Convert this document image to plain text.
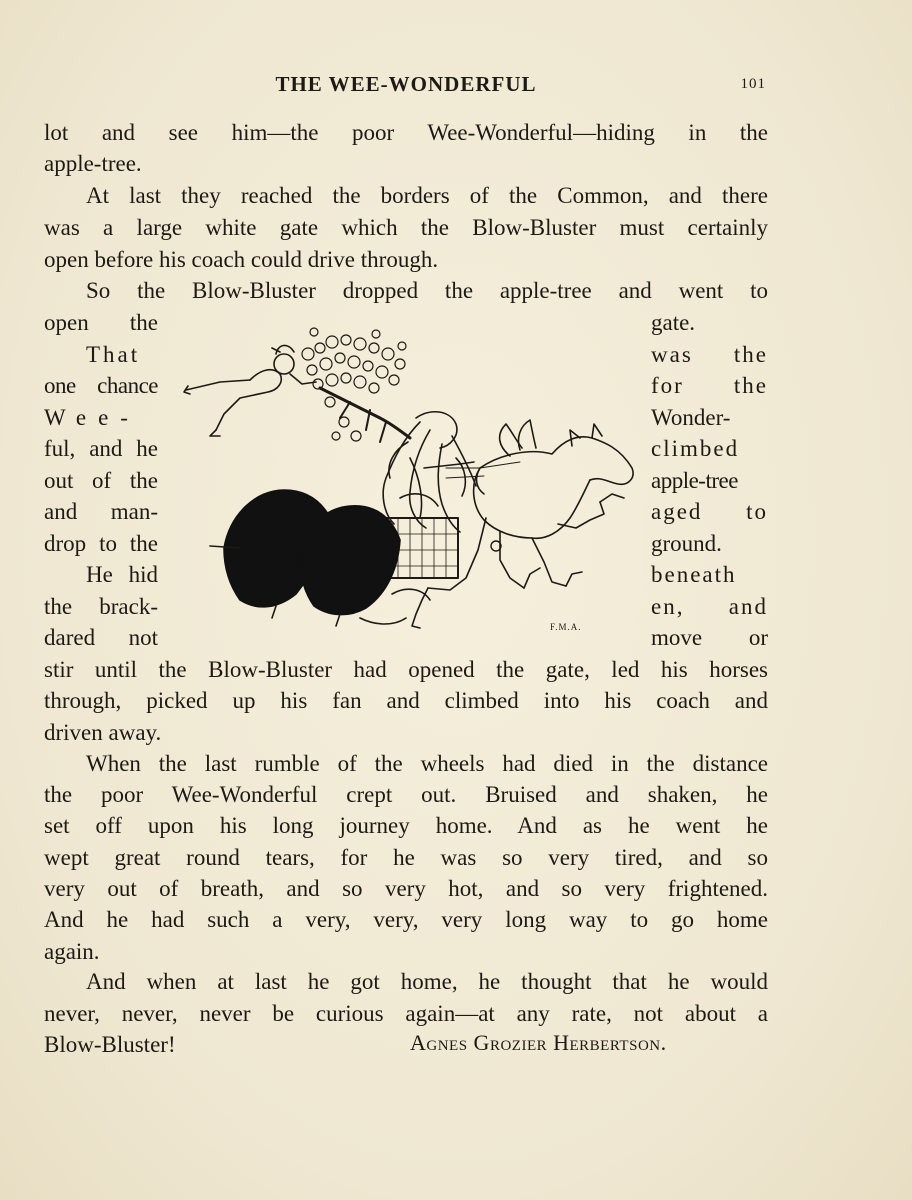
THE WEE-WONDERFUL	101
lot and see him—the poor Wee-Wonderful—hiding in the
apple-tree.
At last they reached the borders of the Common, and there
was a large white gate which the Blow-Bluster must certainly
open before his coach could drive through.
So the Blow-Bluster dropped the apple-tree and went to
open the
That
one chance
Wee-
ful, and he
out of the
and man-
drop to the
He hid
the brack-
dared not
gate.
was the
for the
Wonder-
climbed
apple-tree
aged to
ground.
beneath
en, and
move or
F.M.A.
stir until the Blow-Bluster had opened the gate, led his horses
through, picked up his fan and climbed into his coach and
driven away.
When the last rumble of the wheels had died in the distance
the poor Wee-Wonderful crept out. Bruised and shaken, he
set off upon his long journey home. And as he went he
wept great round tears, for he was so very tired, and so
very out of breath, and so very hot, and so very frightened.
And he had such a very, very, very long way to go home
again.
And when at last he got home, he thought that he would
never, never, never be curious again—at any rate, not about a
Blow-Bluster!	Agnes Grozier Herbertson.
